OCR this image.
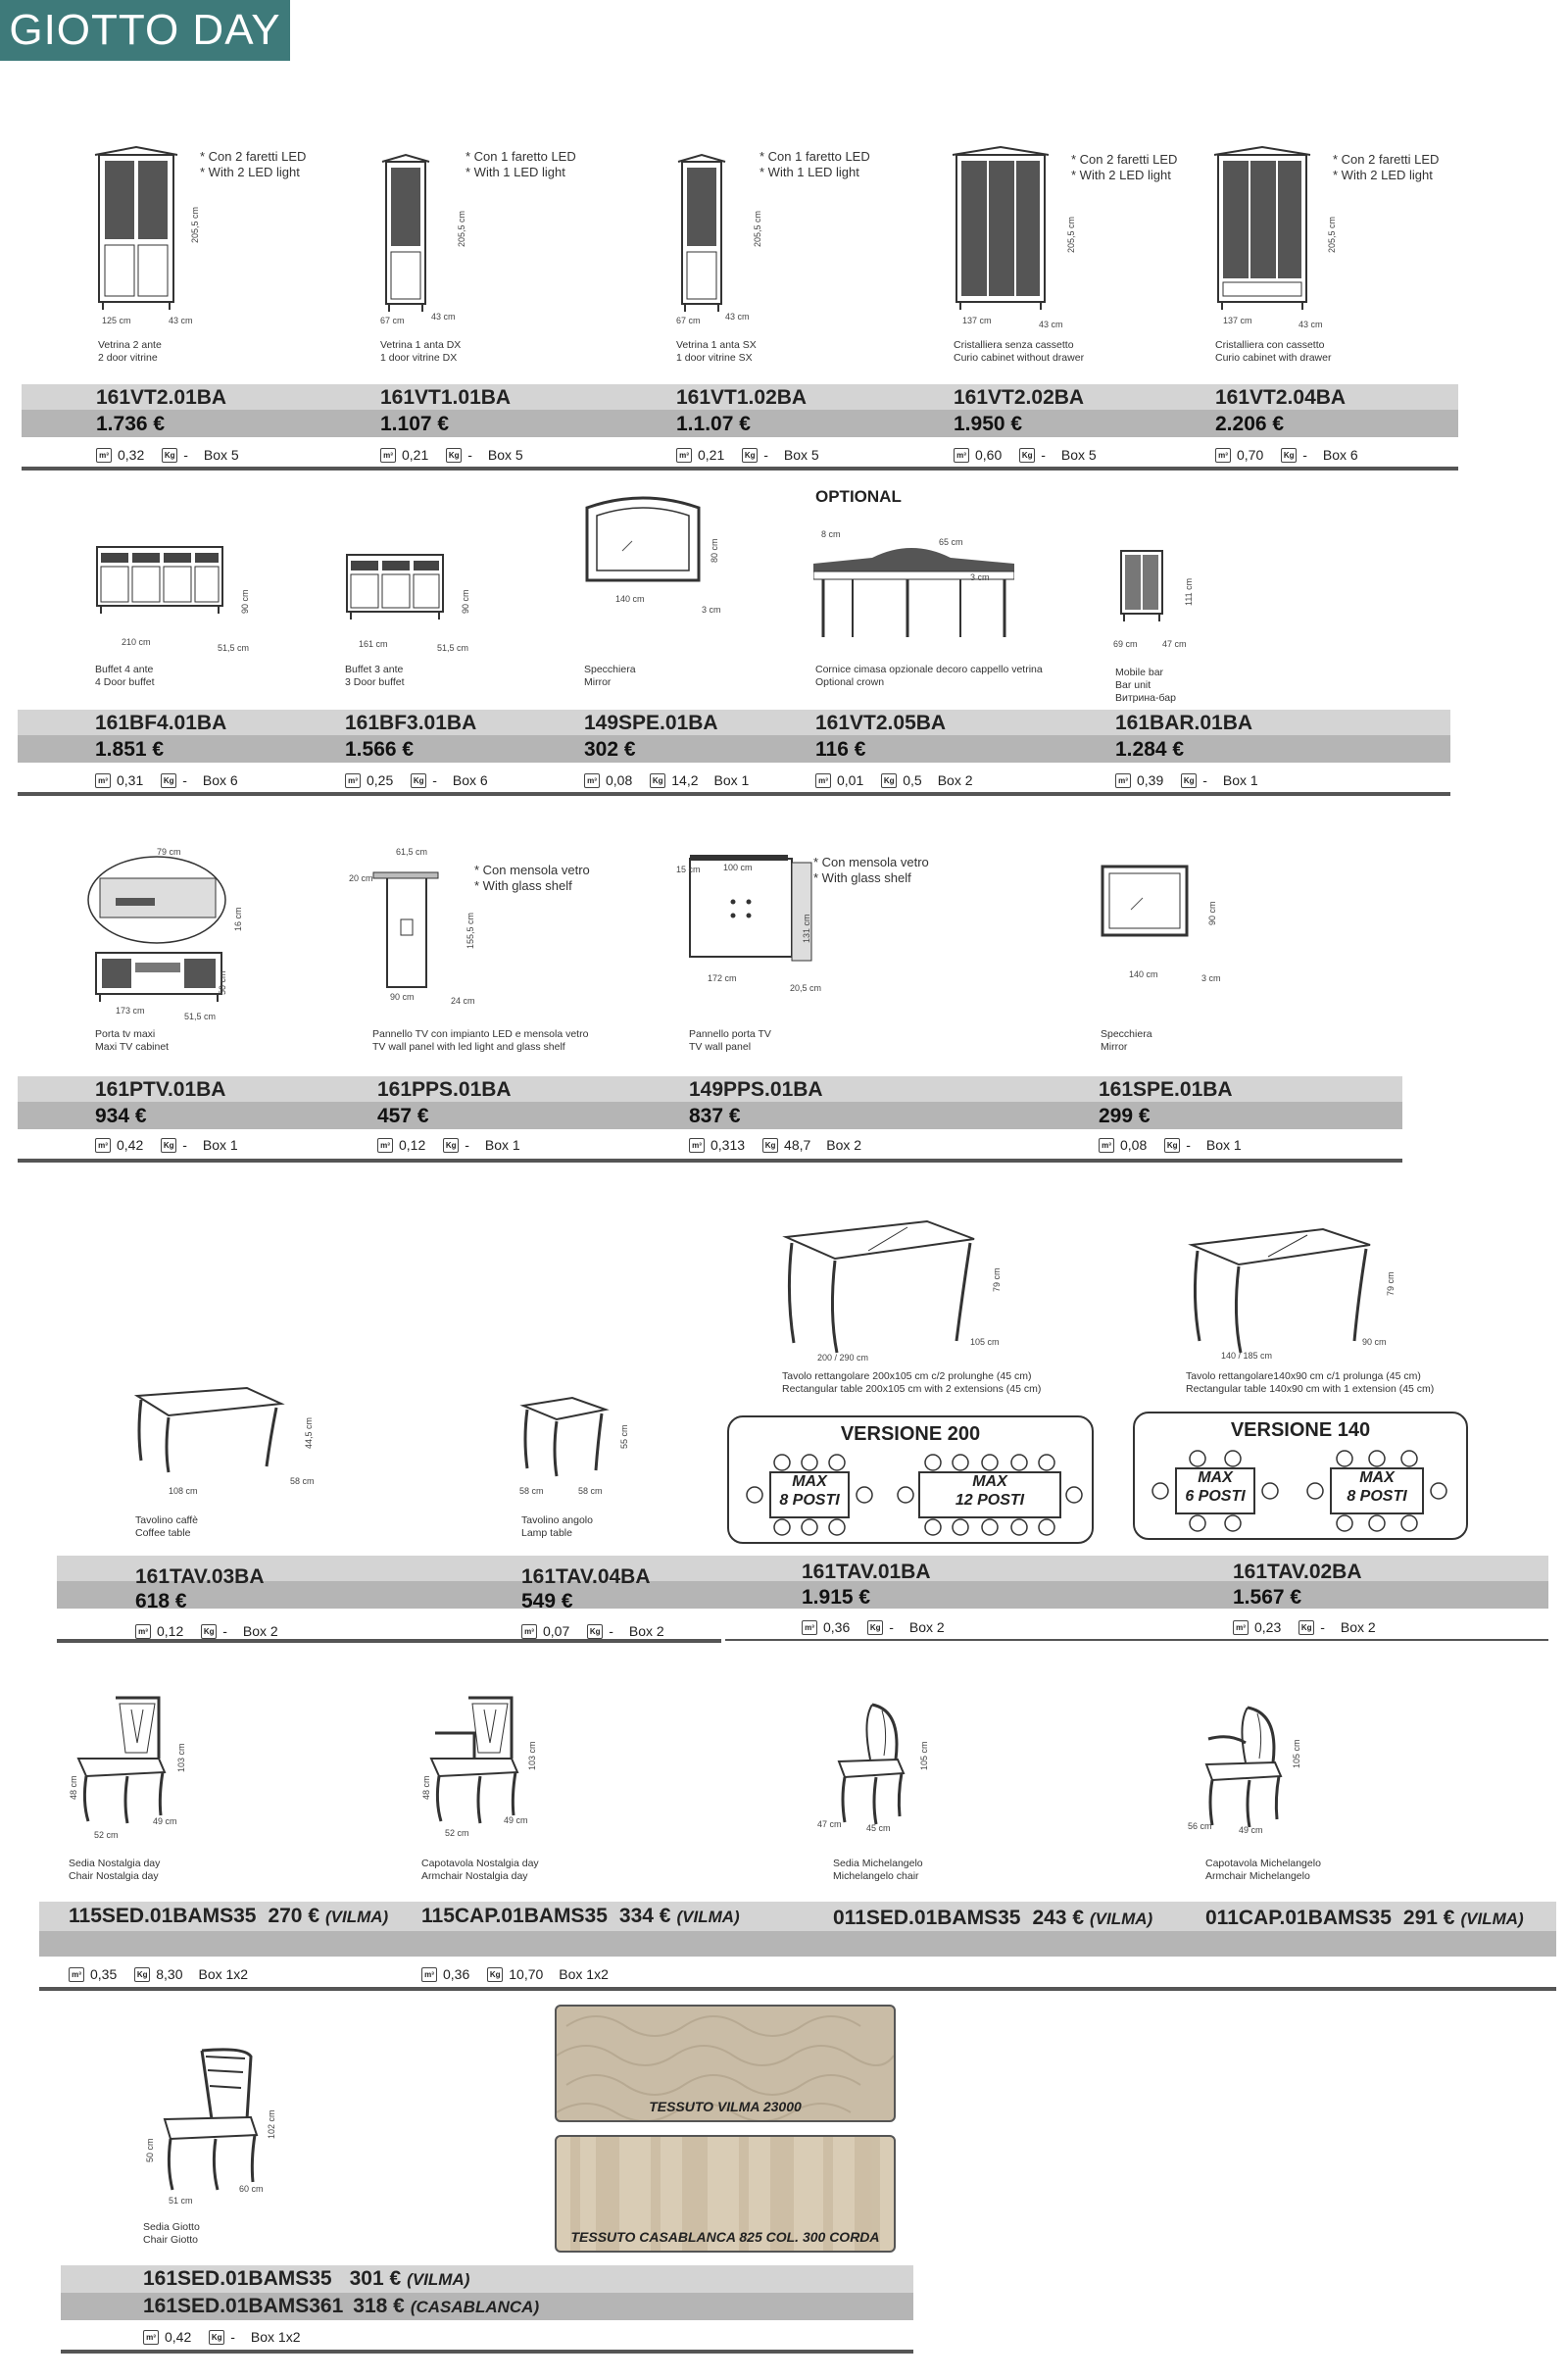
GIOTTO DAY
125 cm	43 cm
205,5 cm
67 cm	43 cm
205,5 cm
67 cm	43 cm
205,5 cm
137 cm	43 cm
205,5 cm
137 cm	43 cm
205,5 cm
* Con 2 faretti LED
* With 2 LED light
* Con 1 faretto LED
* With 1 LED light
* Con 1 faretto LED
* With 1 LED light
* Con 2 faretti LED
* With 2 LED light
* Con 2 faretti LED
* With 2 LED light
Vetrina 2 ante
2 door vitrine
Vetrina 1 anta DX
1 door vitrine DX
Vetrina 1 anta SX
1 door vitrine SX
Cristalliera senza cassetto
Curio cabinet without drawer
Cristalliera con cassetto
Curio cabinet with drawer
161VT2.01BA
1.736 €
161VT1.01BA
1.107 €
161VT1.02BA
1.1.07 €
161VT2.02BA
1.950 €
161VT2.04BA
2.206 €
m³ 0,32	Kg - Box 5	m³ 0,21	Kg - Box 5	m³ 0,21	Kg - Box 5	m³ 0,60	Kg - Box 5	m³ 0,70	Kg - Box 6
OPTIONAL
210 cm
51,5 cm
90 cm
161 cm	51,5 cm
90 cm	140 cm
3 cm
80 cm	65 cm
3 cm
8 cm
69 cm	47 cm
111 cm
Buffet 4 ante
4 Door buffet
Buffet 3 ante
3 Door buffet
Specchiera
Mirror
Cornice cimasa opzionale decoro cappello vetrina
Optional crown
Mobile bar
Bar unit
Витрина-бар
161BF4.01BA
1.851 €
161BF3.01BA
1.566 €
149SPE.01BA
302 €
161VT2.05BA
116 €
161BAR.01BA
1.284 €
m³ 0,31	Kg - Box 6	m³ 0,25	Kg - Box 6	m³ 0,08	Kg 14,2 Box 1	m³ 0,01	Kg 0,5 Box 2	m³ 0,39	Kg - Box 1
79 cm
16 cm
173 cm
51,5 cm
50 cm
61,5 cm
20 cm
90 cm	24 cm
155,5 cm
100 cm
15 cm
172 cm
20,5 cm
131 cm
140 cm	3 cm
90 cm
* Con mensola vetro
* With glass shelf
* Con mensola vetro
* With glass shelf
Porta tv maxi
Maxi TV cabinet
Pannello TV con impianto LED e mensola vetro
TV wall panel with led light and glass shelf
Pannello porta TV
TV wall panel
Specchiera
Mirror
161PTV.01BA
934 €
161PPS.01BA
457 €
149PPS.01BA
837 €
161SPE.01BA
299 €
m³ 0,42	Kg - Box 1	m³ 0,12	Kg - Box 1	m³ 0,313	Kg 48,7 Box 2	m³ 0,08	Kg - Box 1
108 cm
58 cm
44,5 cm
58 cm	58 cm
55 cm
200 / 290 cm
105 cm
79 cm
140 / 185 cm
90 cm
79 cm
Tavolino caffè
Coffee table
Tavolino angolo
Lamp table
Tavolo rettangolare 200x105 cm c/2 prolunghe (45 cm)
Rectangular table 200x105 cm with 2 extensions (45 cm)
Tavolo rettangolare140x90 cm c/1 prolunga (45 cm)
Rectangular table 140x90 cm with 1 extension (45 cm)
VERSIONE 200
MAX
8 POSTI
MAX
12 POSTI
VERSIONE 140
MAX
6 POSTI
MAX
8 POSTI
161TAV.03BA
618 €
161TAV.04BA
549 €
161TAV.01BA
1.915 €
161TAV.02BA
1.567 €
m³ 0,12	Kg - Box 2	m³ 0,07	Kg - Box 2	m³ 0,36	Kg - Box 2	m³ 0,23	Kg - Box 2
52 cm
49 cm
103 cm
48 cm
52 cm
49 cm
103 cm
48 cm
47 cm	45 cm
105 cm
56 cm	49 cm
105 cm
Sedia Nostalgia day
Chair Nostalgia day
Capotavola Nostalgia day
Armchair Nostalgia day
Sedia Michelangelo
Michelangelo chair
Capotavola Michelangelo
Armchair Michelangelo
115SED.01BAMS35 270 € (VILMA) 115CAP.01BAMS35 334 € (VILMA)	011SED.01BAMS35 243 € (VILMA)	011CAP.01BAMS35 291 € (VILMA)
m³ 0,35	Kg 8,30 Box 1x2	m³ 0,36	Kg 10,70 Box 1x2
51 cm
60 cm
102 cm
50 cm
Sedia Giotto
Chair Giotto
TESSUTO VILMA 23000
TESSUTO CASABLANCA 825 COL. 300 CORDA
161SED.01BAMS35 301 € (VILMA)
161SED.01BAMS361 318 € (CASABLANCA)
m³ 0,42	Kg - Box 1x2
